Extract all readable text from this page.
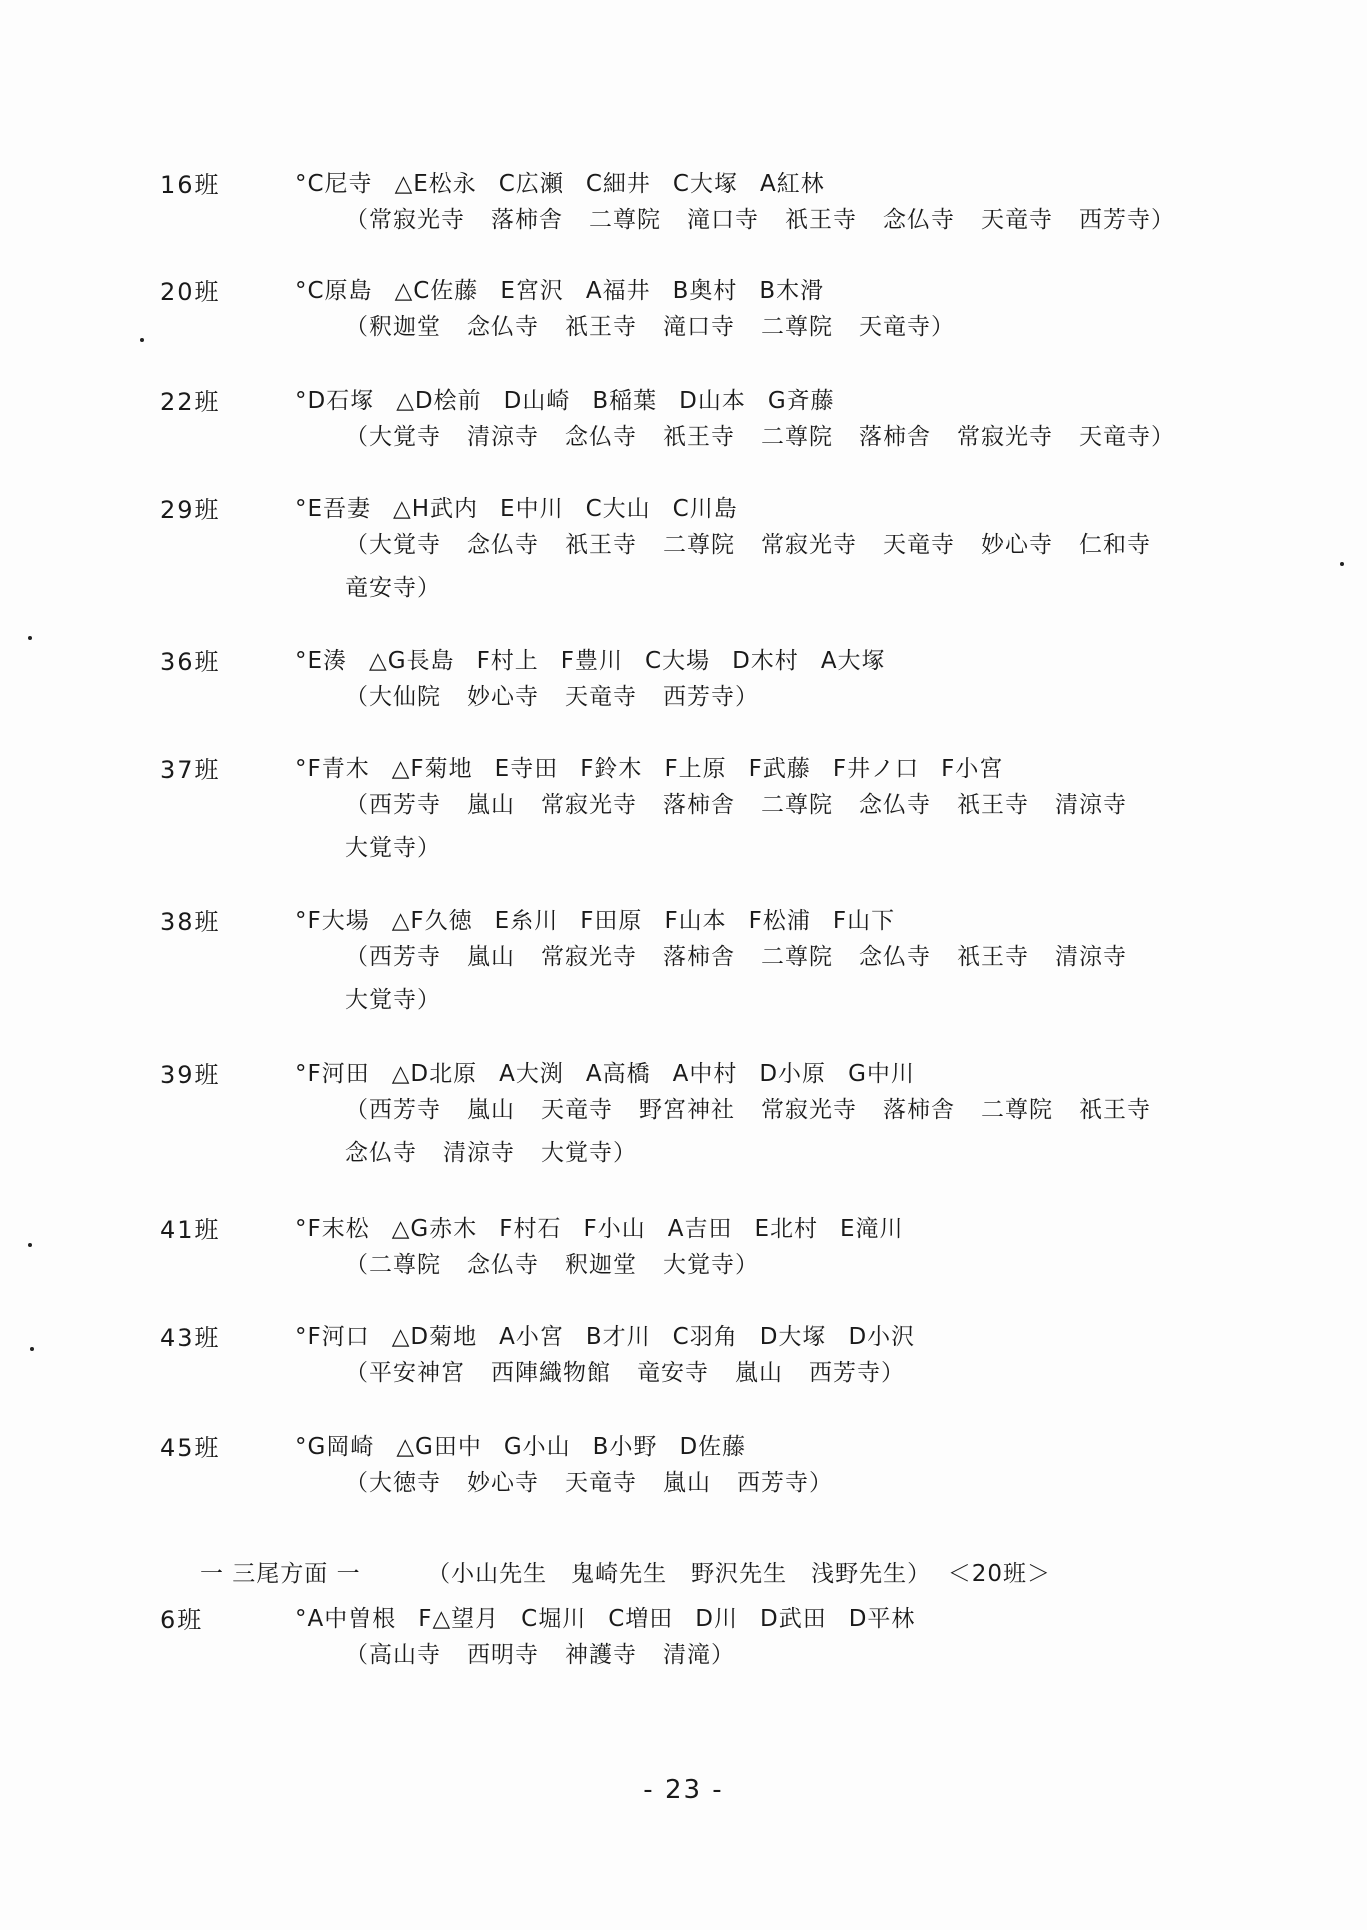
16班	°C尼寺 △E松永 C広瀬 C細井 C大塚 A紅林
（常寂光寺 落柿舎 二尊院 滝口寺 祇王寺 念仏寺 天竜寺 西芳寺）
20班	°C原島 △C佐藤 E宮沢 A福井 B奥村 B木滑
（釈迦堂 念仏寺 祇王寺 滝口寺 二尊院 天竜寺）
22班	°D石塚 △D桧前 D山崎 B稲葉 D山本 G斉藤
（大覚寺 清涼寺 念仏寺 祇王寺 二尊院 落柿舎 常寂光寺 天竜寺）
29班	°E吾妻 △H武内 E中川 C大山 C川島
（大覚寺 念仏寺 祇王寺 二尊院 常寂光寺 天竜寺 妙心寺 仁和寺竜安寺）
36班	°E湊 △G長島 F村上 F豊川 C大場 D木村 A大塚
（大仙院 妙心寺 天竜寺 西芳寺）
37班	°F青木 △F菊地 E寺田 F鈴木 F上原 F武藤 F井ノ口 F小宮
（西芳寺 嵐山 常寂光寺 落柿舎 二尊院 念仏寺 祇王寺 清涼寺大覚寺）
38班	°F大場 △F久徳 E糸川 F田原 F山本 F松浦 F山下
（西芳寺 嵐山 常寂光寺 落柿舎 二尊院 念仏寺 祇王寺 清涼寺大覚寺）
39班	°F河田 △D北原 A大渕 A高橋 A中村 D小原 G中川
（西芳寺 嵐山 天竜寺 野宮神社 常寂光寺 落柿舎 二尊院 祇王寺念仏寺 清涼寺 大覚寺）
41班	°F末松 △G赤木 F村石 F小山 A吉田 E北村 E滝川
（二尊院 念仏寺 釈迦堂 大覚寺）
43班	°F河口 △D菊地 A小宮 B才川 C羽角 D大塚 D小沢
（平安神宮 西陣織物館 竜安寺 嵐山 西芳寺）
45班	°G岡崎 △G田中 G小山 B小野 D佐藤
（大徳寺 妙心寺 天竜寺 嵐山 西芳寺）
一 三尾方面 一	（小山先生　鬼崎先生　野沢先生　浅野先生） ＜20班＞
6班	°A中曽根 F△望月 C堀川 C増田 D川 D武田 D平林
（高山寺 西明寺 神護寺 清滝）
- 23 -
